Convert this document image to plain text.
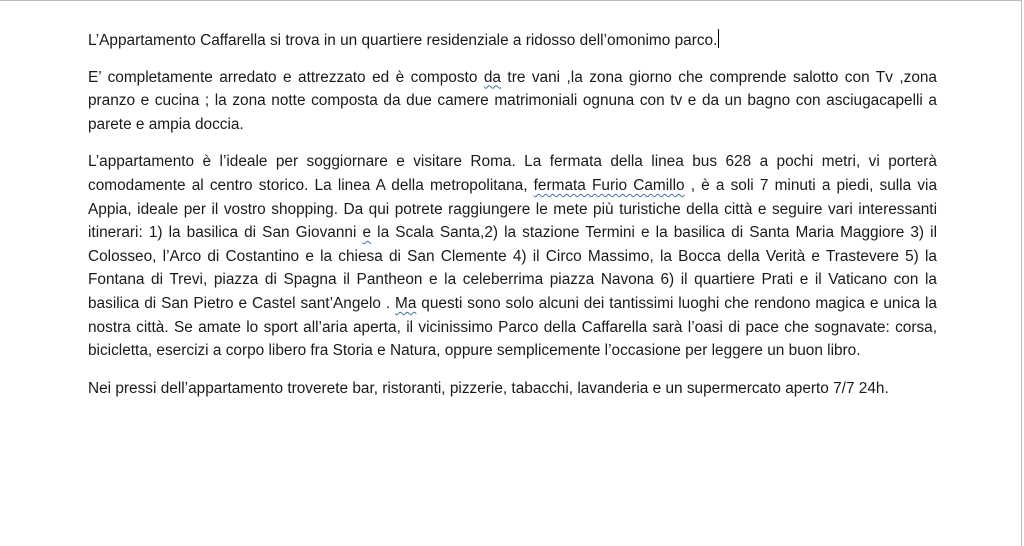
L’Appartamento Caffarella si trova in un quartiere residenziale a ridosso dell’omonimo parco.

E’ completamente arredato e attrezzato ed è composto da tre vani ,la zona giorno che comprende salotto con Tv ,zona pranzo e cucina ; la zona notte composta da due camere matrimoniali ognuna con tv e da un bagno con asciugacapelli a parete e ampia doccia.

L’appartamento è l’ideale per soggiornare e visitare Roma. La fermata della linea bus 628 a pochi metri, vi porterà comodamente al centro storico. La linea A della metropolitana, fermata Furio Camillo , è a soli 7 minuti a piedi, sulla via Appia, ideale per il vostro shopping. Da qui potrete raggiungere le mete più turistiche della città e seguire vari interessanti itinerari: 1) la basilica di San Giovanni e la Scala Santa,2) la stazione Termini e la basilica di Santa Maria Maggiore 3) il Colosseo, l’Arco di Costantino e la chiesa di San Clemente 4) il Circo Massimo, la Bocca della Verità e Trastevere 5) la Fontana di Trevi, piazza di Spagna il Pantheon e la celeberrima piazza Navona 6) il quartiere Prati e il Vaticano con la basilica di San Pietro e Castel sant’Angelo . Ma questi sono solo alcuni dei tantissimi luoghi che rendono magica e unica la nostra città. Se amate lo sport all’aria aperta, il vicinissimo Parco della Caffarella sarà l’oasi di pace che sognavate: corsa, bicicletta, esercizi a corpo libero fra Storia e Natura, oppure semplicemente l’occasione per leggere un buon libro.

Nei pressi dell’appartamento troverete bar, ristoranti, pizzerie, tabacchi, lavanderia e un supermercato aperto 7/7 24h.
